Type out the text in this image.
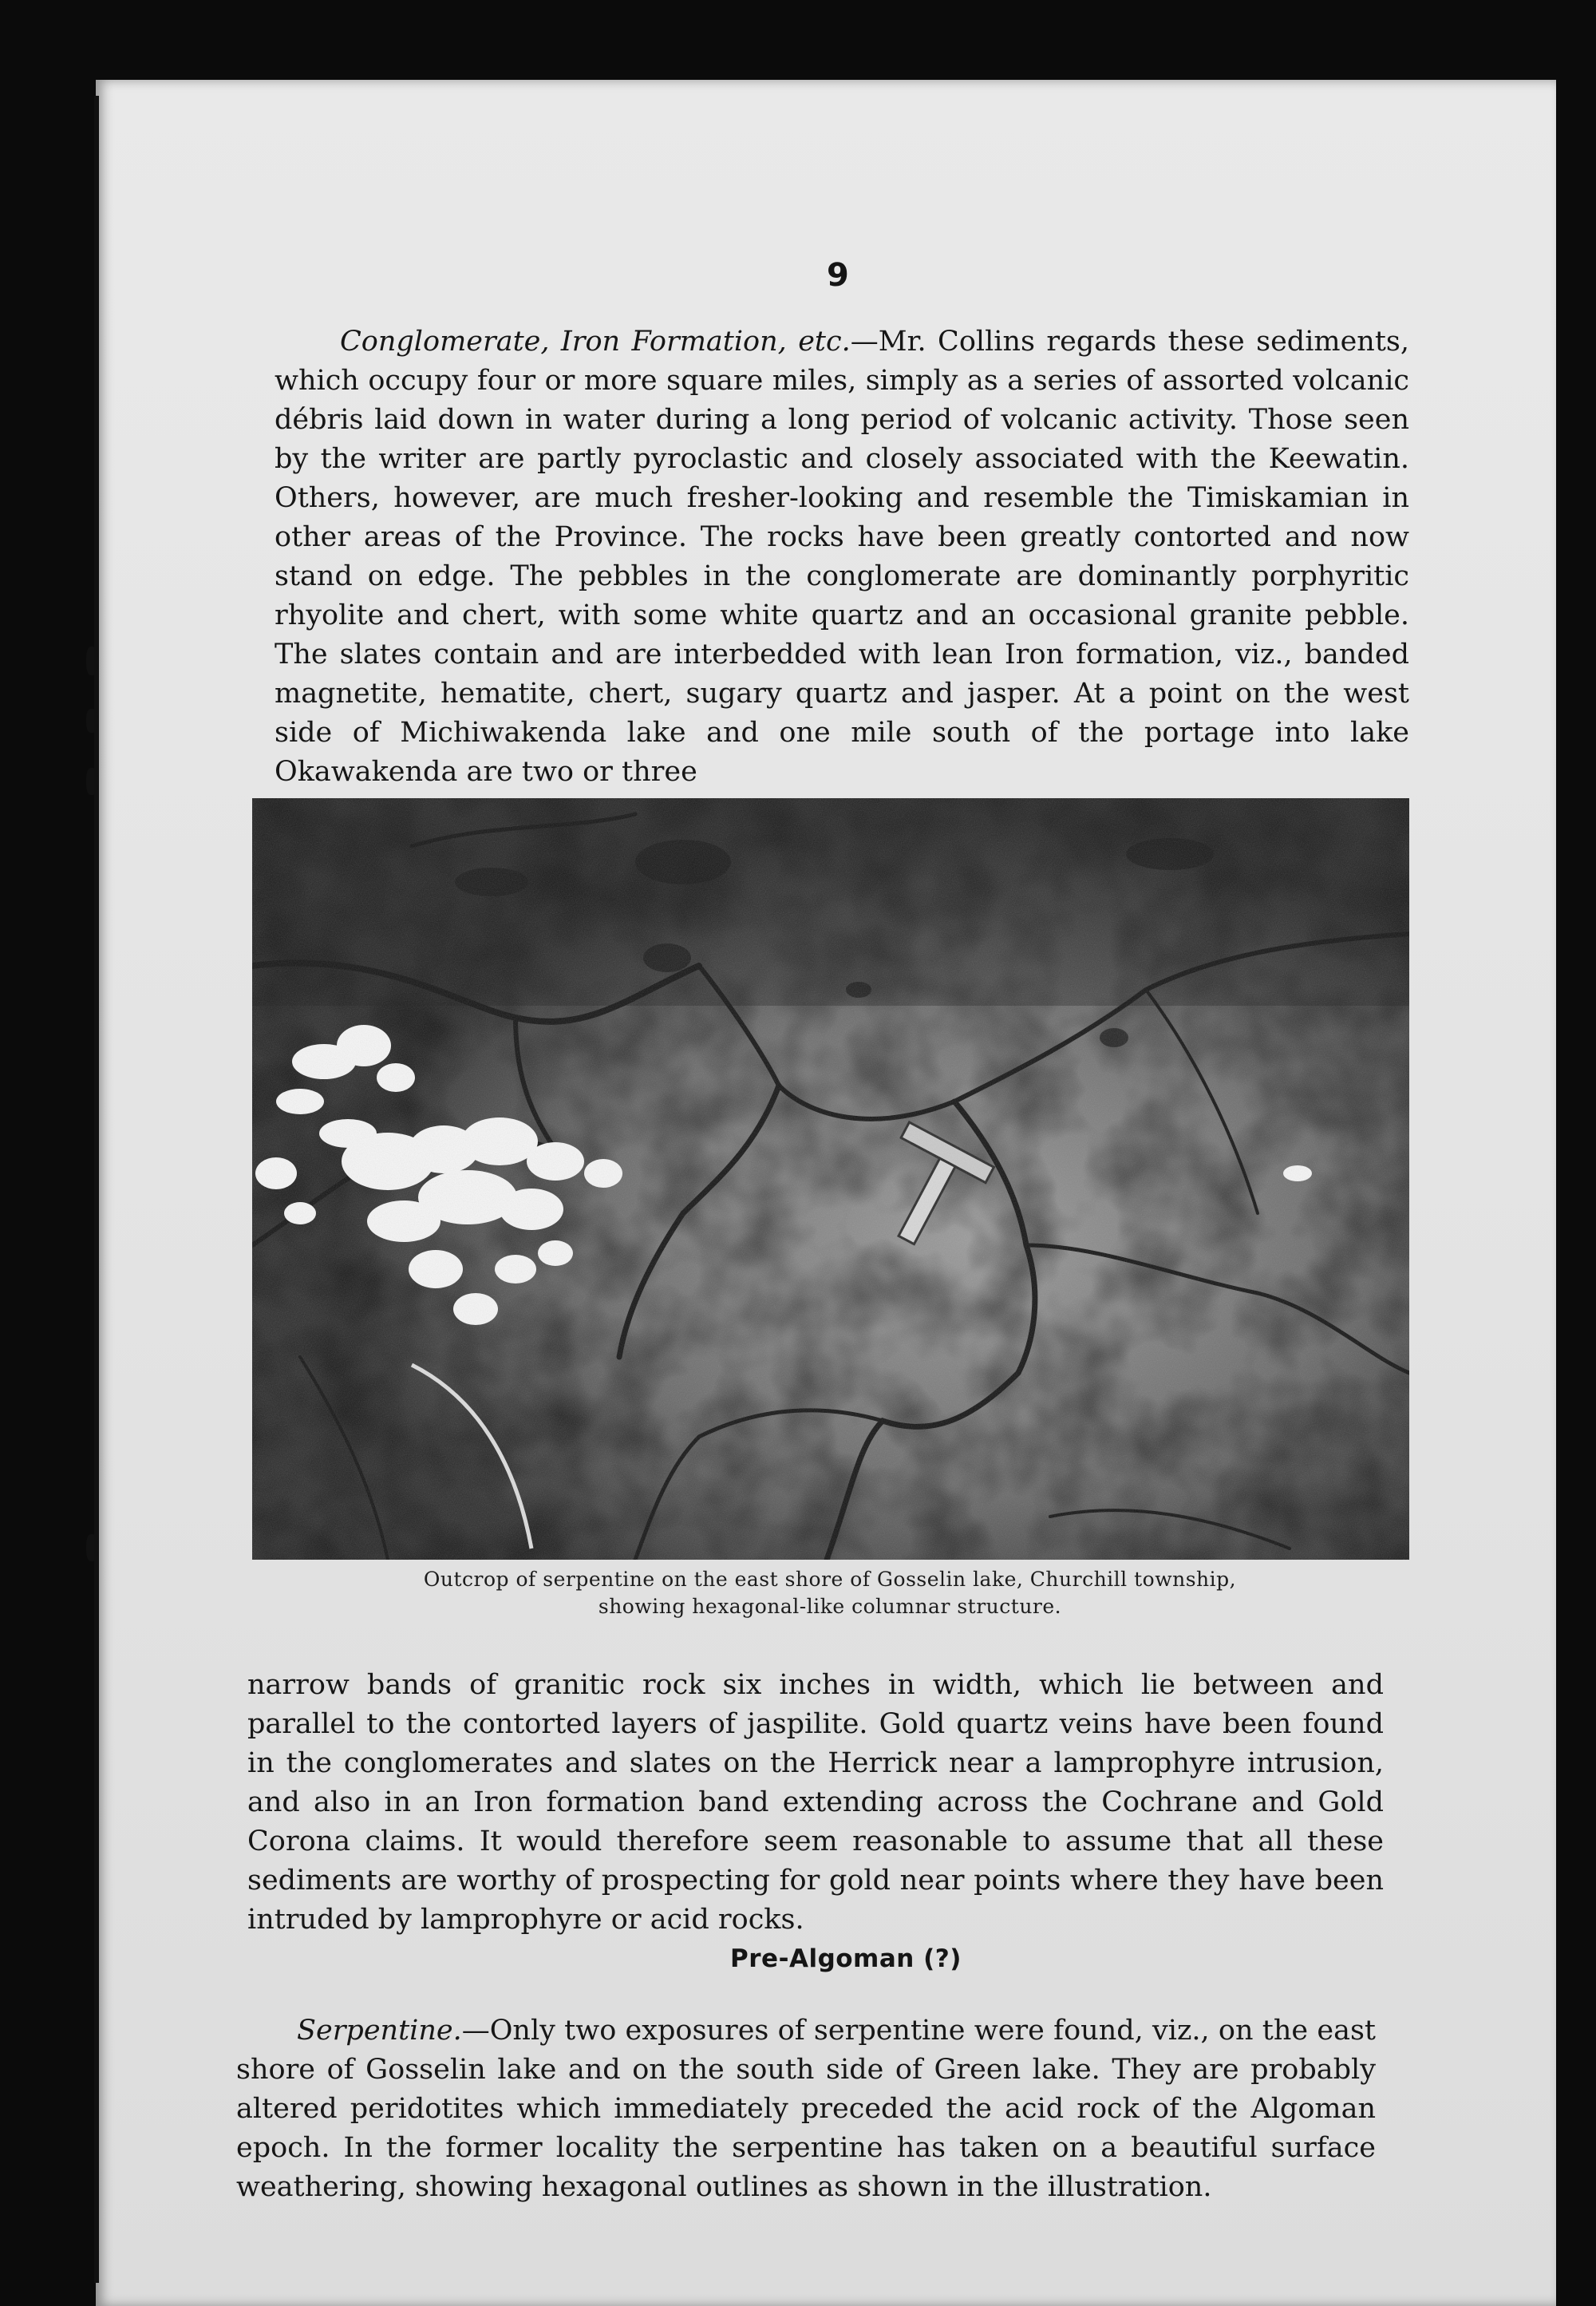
9

Conglomerate, Iron Formation, etc.—Mr. Collins regards these sediments, which occupy four or more square miles, simply as a series of assorted volcanic débris laid down in water during a long period of volcanic activity. Those seen by the writer are partly pyroclastic and closely associated with the Keewatin. Others, however, are much fresher-looking and resemble the Timiskamian in other areas of the Province. The rocks have been greatly contorted and now stand on edge. The pebbles in the conglomerate are dominantly porphyritic rhyolite and chert, with some white quartz and an occasional granite pebble. The slates contain and are interbedded with lean Iron formation, viz., banded magnetite, hematite, chert, sugary quartz and jasper. At a point on the west side of Michiwakenda lake and one mile south of the portage into lake Okawakenda are two or three

Outcrop of serpentine on the east shore of Gosselin lake, Churchill township,
showing hexagonal-like columnar structure.

narrow bands of granitic rock six inches in width, which lie between and parallel to the contorted layers of jaspilite. Gold quartz veins have been found in the conglomerates and slates on the Herrick near a lamprophyre intrusion, and also in an Iron formation band extending across the Cochrane and Gold Corona claims. It would therefore seem reasonable to assume that all these sediments are worthy of prospecting for gold near points where they have been intruded by lamprophyre or acid rocks.

Pre-Algoman (?)

Serpentine.—Only two exposures of serpentine were found, viz., on the east shore of Gosselin lake and on the south side of Green lake. They are probably altered peridotites which immediately preceded the acid rock of the Algoman epoch. In the former locality the serpentine has taken on a beautiful surface weathering, showing hexagonal outlines as shown in the illustration.
